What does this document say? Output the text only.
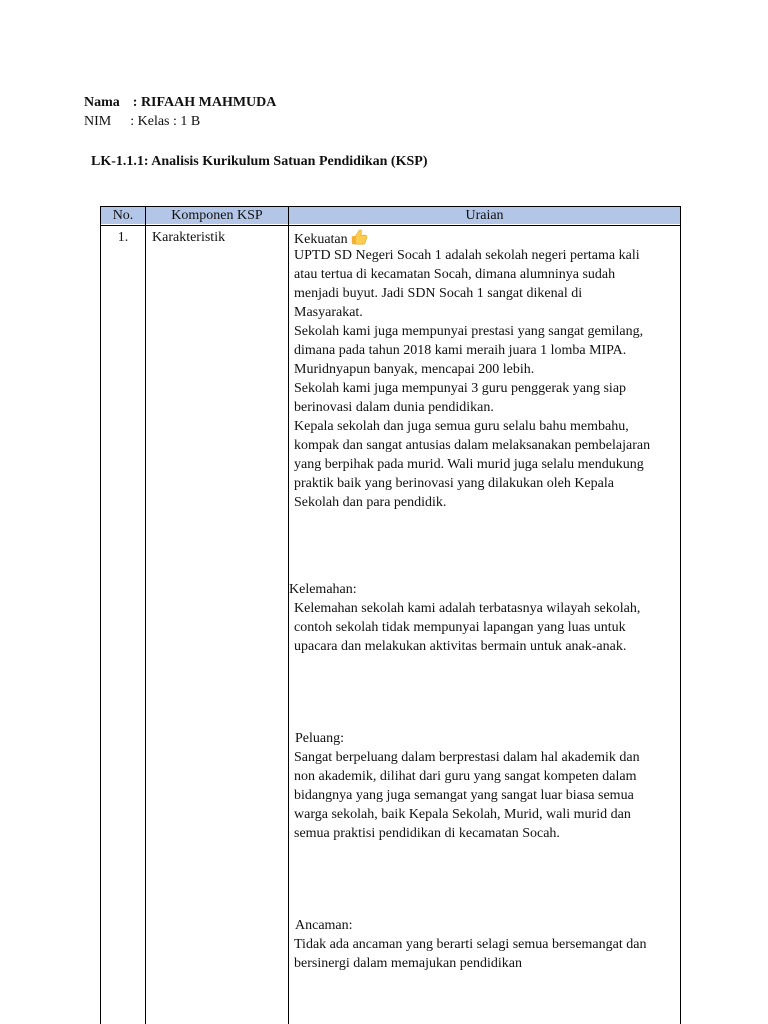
Nama : RIFAAH MAHMUDA
NIM : Kelas : 1 B
LK-1.1.1: Analisis Kurikulum Satuan Pendidikan (KSP)
No.	Komponen KSP	Uraian
1.	Karakteristik	Kekuatan
UPTD SD Negeri Socah 1 adalah sekolah negeri pertama kali
atau tertua di kecamatan Socah, dimana alumninya sudah
menjadi buyut. Jadi SDN Socah 1 sangat dikenal di
Masyarakat.
Sekolah kami juga mempunyai prestasi yang sangat gemilang,
dimana pada tahun 2018 kami meraih juara 1 lomba MIPA.
Muridnyapun banyak, mencapai 200 lebih.
Sekolah kami juga mempunyai 3 guru penggerak yang siap
berinovasi dalam dunia pendidikan.
Kepala sekolah dan juga semua guru selalu bahu membahu,
kompak dan sangat antusias dalam melaksanakan pembelajaran
yang berpihak pada murid. Wali murid juga selalu mendukung
praktik baik yang berinovasi yang dilakukan oleh Kepala
Sekolah dan para pendidik.
Kelemahan:
Kelemahan sekolah kami adalah terbatasnya wilayah sekolah,
contoh sekolah tidak mempunyai lapangan yang luas untuk
upacara dan melakukan aktivitas bermain untuk anak-anak.
Peluang:
Sangat berpeluang dalam berprestasi dalam hal akademik dan
non akademik, dilihat dari guru yang sangat kompeten dalam
bidangnya yang juga semangat yang sangat luar biasa semua
warga sekolah, baik Kepala Sekolah, Murid, wali murid dan
semua praktisi pendidikan di kecamatan Socah.
Ancaman:
Tidak ada ancaman yang berarti selagi semua bersemangat dan
bersinergi dalam memajukan pendidikan
